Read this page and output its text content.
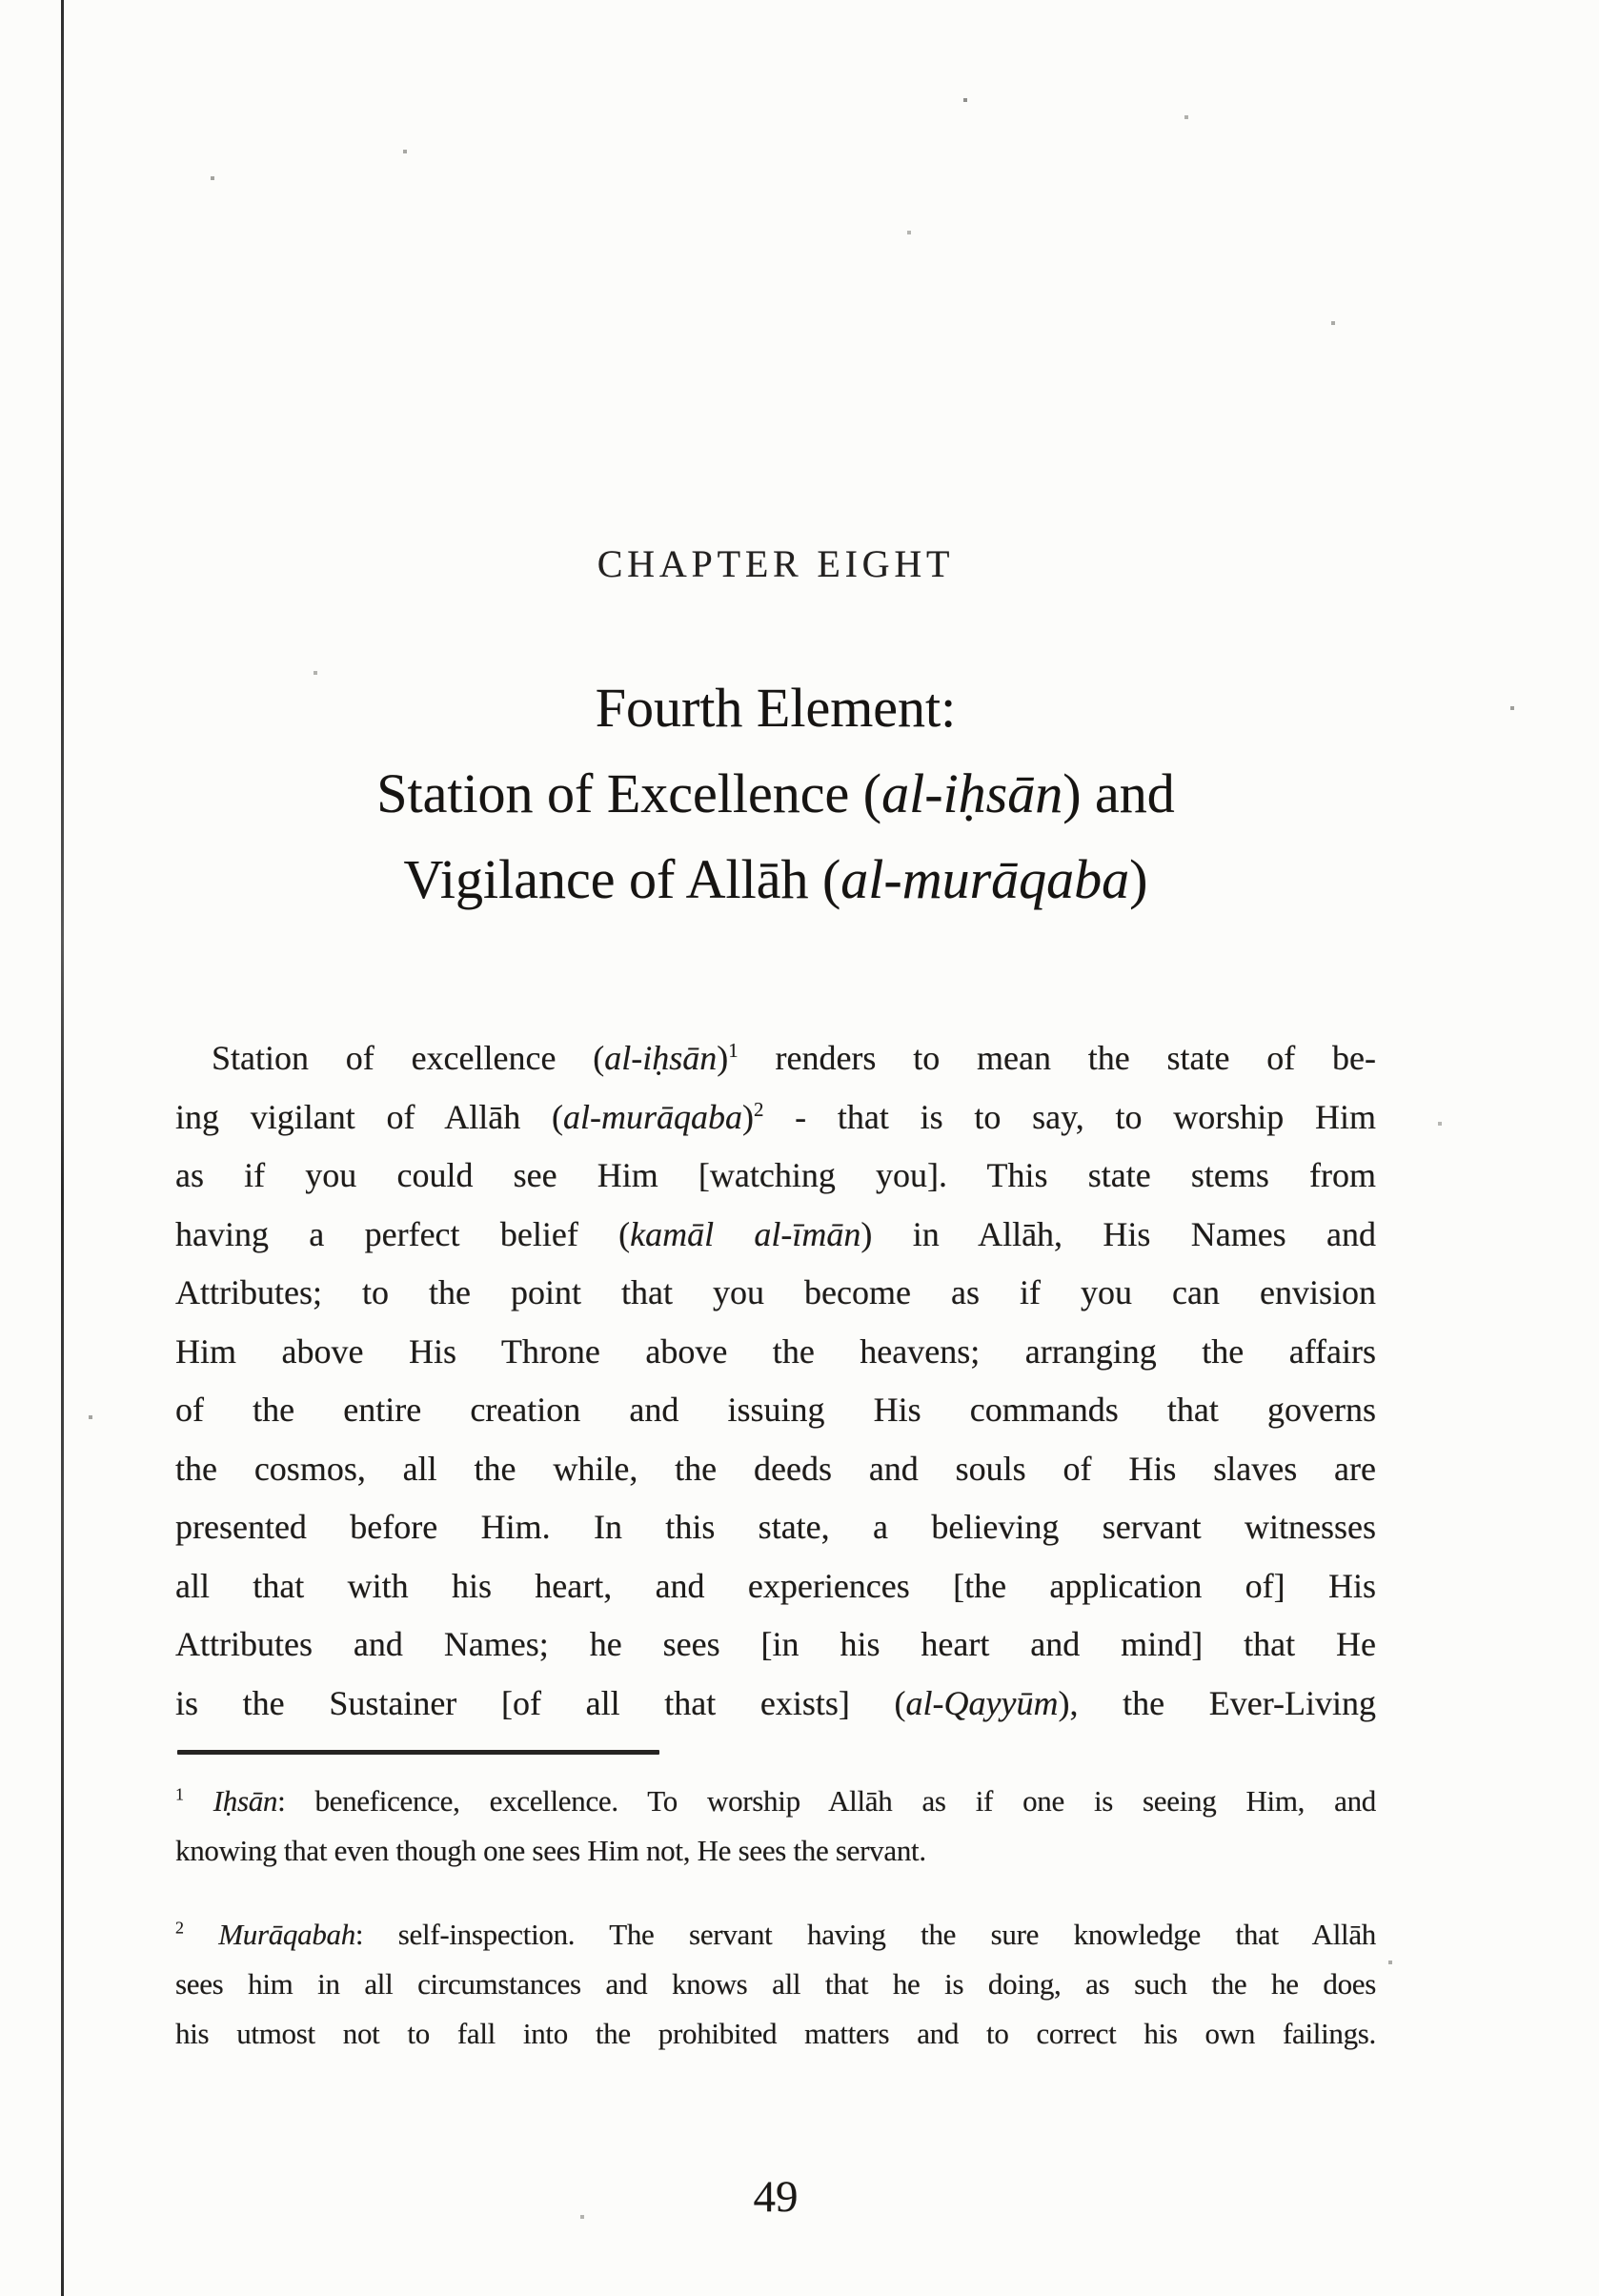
CHAPTER EIGHT
Fourth Element:
Station of Excellence (al-iḥsān) and
Vigilance of Allāh (al-murāqaba)
Station of excellence (al-iḥsān)$^1$ renders to mean the state of be-
ing vigilant of Allāh (al-murāqaba)$^2$ - that is to say, to worship Him
as if you could see Him [watching you]. This state stems from
having a perfect belief (kamāl al-īmān) in Allāh, His Names and
Attributes; to the point that you become as if you can envision
Him above His Throne above the heavens; arranging the affairs
of the entire creation and issuing His commands that governs
the cosmos, all the while, the deeds and souls of His slaves are
presented before Him. In this state, a believing servant witnesses
all that with his heart, and experiences [the application of] His
Attributes and Names; he sees [in his heart and mind] that He
is the Sustainer [of all that exists] (al-Qayyūm), the Ever-Living
$^1$ Iḥsān: beneficence, excellence. To worship Allāh as if one is seeing Him, and
knowing that even though one sees Him not, He sees the servant.
$^2$ Murāqabah: self-inspection. The servant having the sure knowledge that Allāh
sees him in all circumstances and knows all that he is doing, as such the he does
his utmost not to fall into the prohibited matters and to correct his own failings.
49
